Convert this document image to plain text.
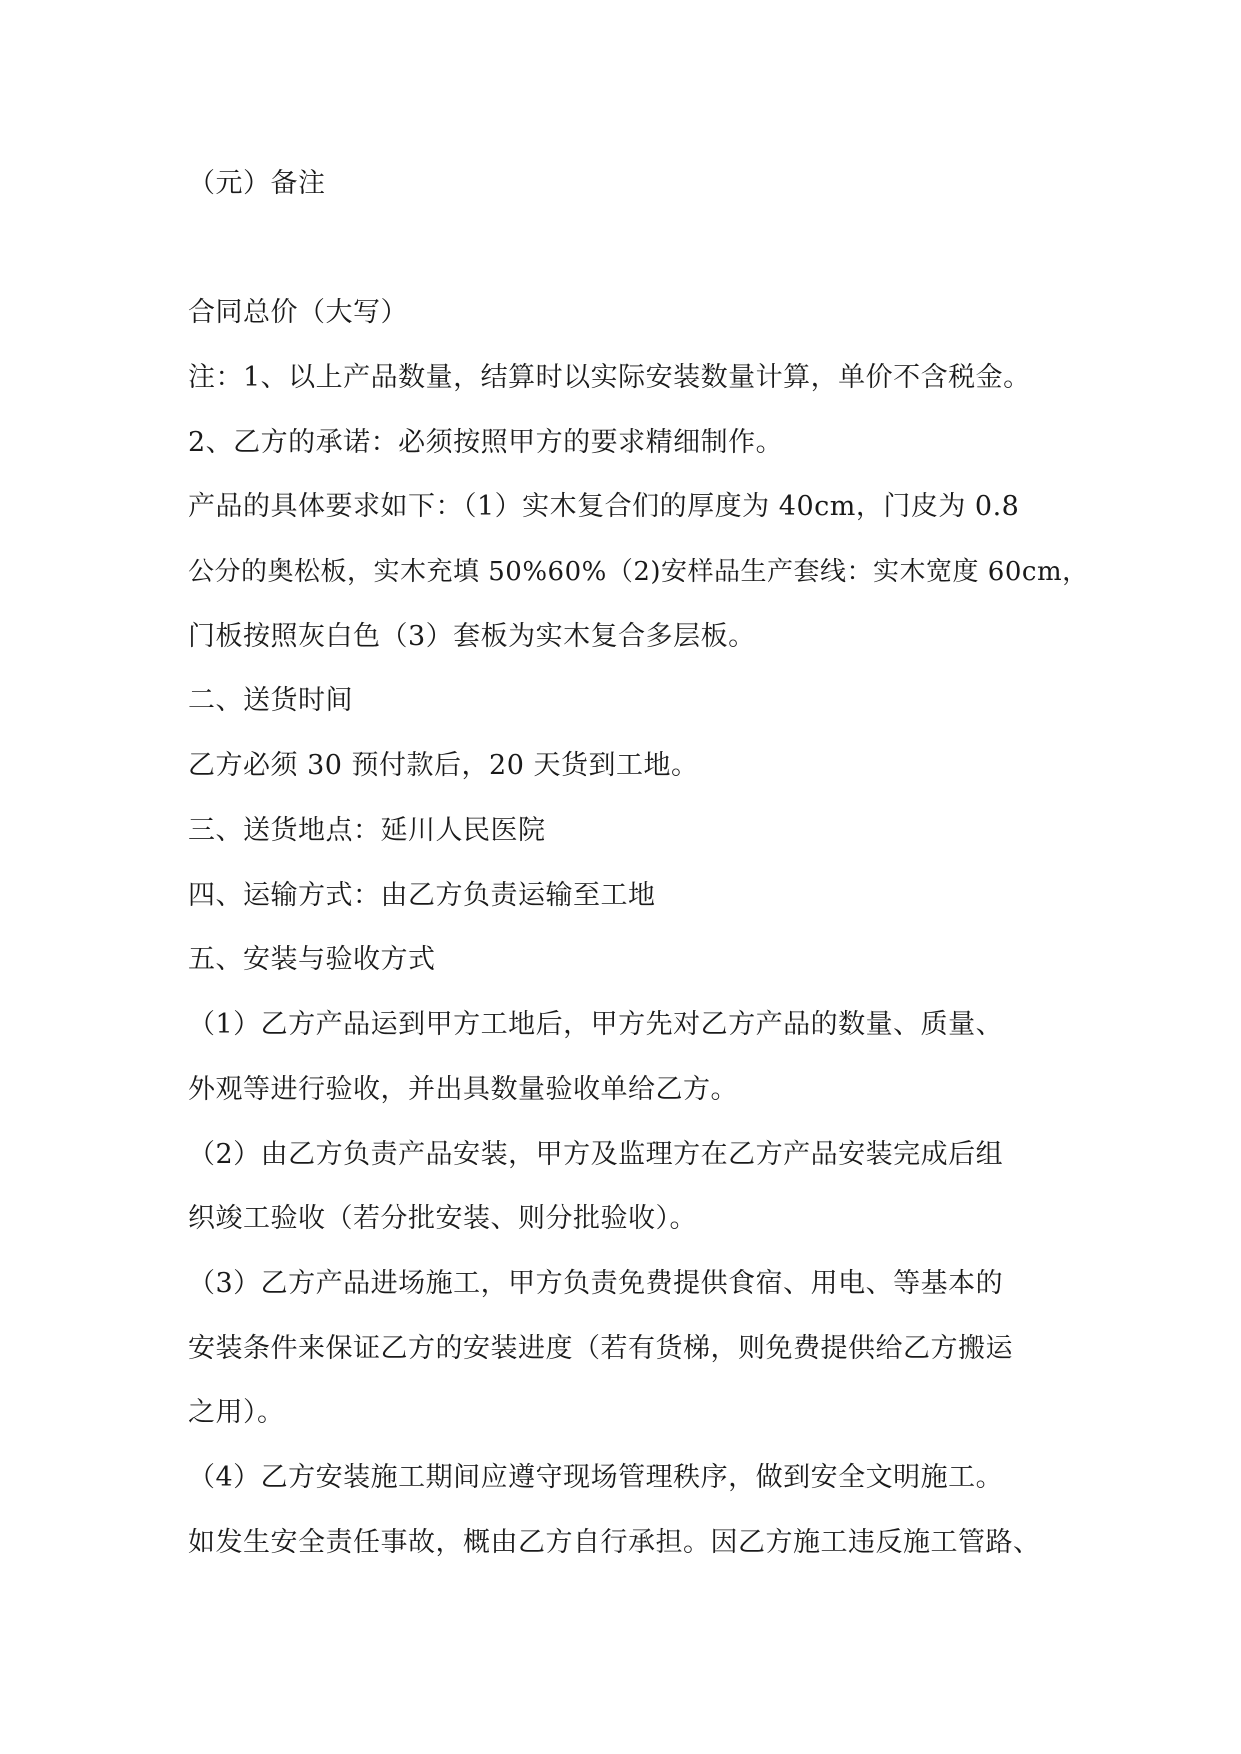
（元）备注
合同总价（大写）
注：1、以上产品数量，结算时以实际安装数量计算，单价不含税金。
2、乙方的承诺：必须按照甲方的要求精细制作。
产品的具体要求如下：（1）实木复合们的厚度为 40cm，门皮为 0.8
公分的奥松板，实木充填 50%60%（2)安样品生产套线：实木宽度 60cm，
门板按照灰白色（3）套板为实木复合多层板。
二、送货时间
乙方必须 30 预付款后，20 天货到工地。
三、送货地点：延川人民医院
四、运输方式：由乙方负责运输至工地
五、安装与验收方式
（1）乙方产品运到甲方工地后，甲方先对乙方产品的数量、质量、
外观等进行验收，并出具数量验收单给乙方。
（2）由乙方负责产品安装，甲方及监理方在乙方产品安装完成后组
织竣工验收（若分批安装、则分批验收）。
（3）乙方产品进场施工，甲方负责免费提供食宿、用电、等基本的
安装条件来保证乙方的安装进度（若有货梯，则免费提供给乙方搬运
之用）。
（4）乙方安装施工期间应遵守现场管理秩序，做到安全文明施工。
如发生安全责任事故，概由乙方自行承担。因乙方施工违反施工管路、
